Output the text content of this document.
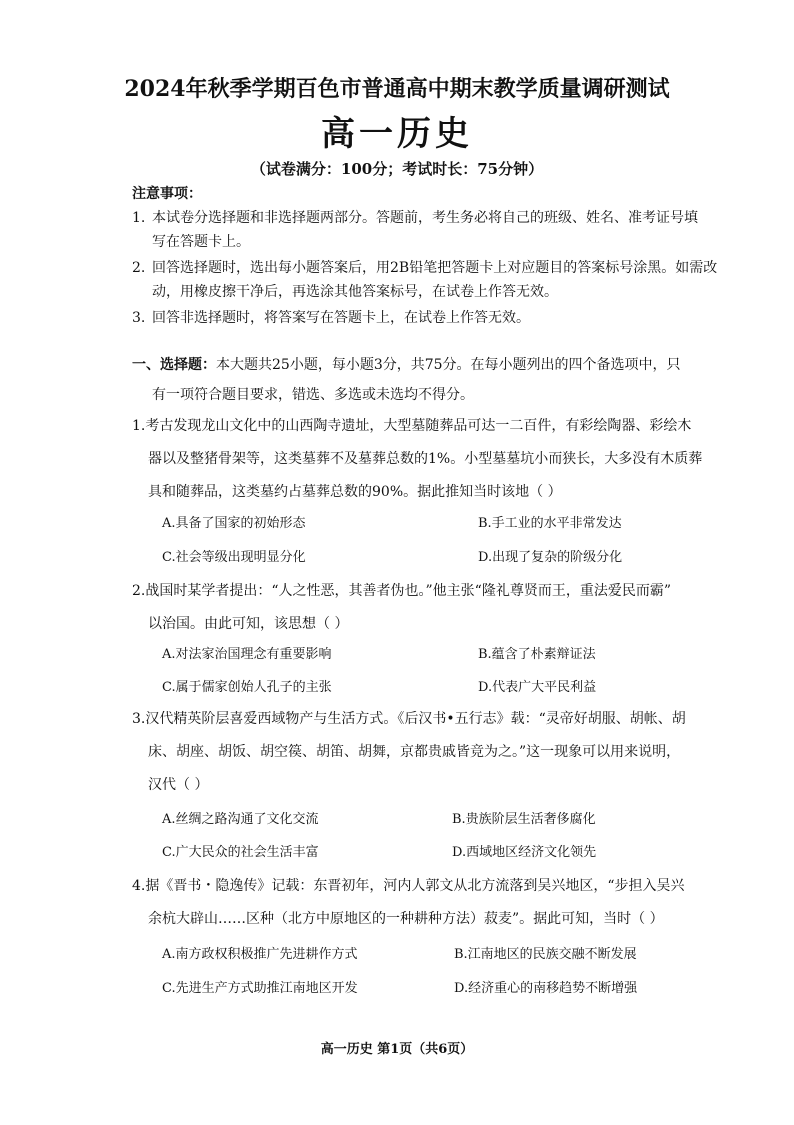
2024年秋季学期百色市普通高中期末教学质量调研测试
高一历史
（试卷满分：100分；考试时长：75分钟）
注意事项：
1. 本试卷分选择题和非选择题两部分。答题前，考生务必将自己的班级、姓名、准考证号填
写在答题卡上。
2. 回答选择题时，选出每小题答案后，用2B铅笔把答题卡上对应题目的答案标号涂黑。如需改
动，用橡皮擦干净后，再选涂其他答案标号，在试卷上作答无效。
3. 回答非选择题时，将答案写在答题卡上，在试卷上作答无效。
一、选择题：本大题共25小题，每小题3分，共75分。在每小题列出的四个备选项中，只
有一项符合题目要求，错选、多选或未选均不得分。
1.考古发现龙山文化中的山西陶寺遗址，大型墓随葬品可达一二百件，有彩绘陶器、彩绘木
器以及整猪骨架等，这类墓葬不及墓葬总数的1%。小型墓墓坑小而狭长，大多没有木质葬
具和随葬品，这类墓约占墓葬总数的90%。据此推知当时该地（ ）
A.具备了国家的初始形态	B.手工业的水平非常发达
C.社会等级出现明显分化	D.出现了复杂的阶级分化
2.战国时某学者提出：“人之性恶，其善者伪也。”他主张“隆礼尊贤而王，重法爱民而霸”
以治国。由此可知，该思想（ ）
A.对法家治国理念有重要影响	B.蕴含了朴素辩证法
C.属于儒家创始人孔子的主张	D.代表广大平民利益
3.汉代精英阶层喜爱西域物产与生活方式。《后汉书•五行志》载：“灵帝好胡服、胡帐、胡
床、胡座、胡饭、胡空篌、胡笛、胡舞，京都贵戚皆竞为之。”这一现象可以用来说明，
汉代（ ）
A.丝绸之路沟通了文化交流	B.贵族阶层生活奢侈腐化
C.广大民众的社会生活丰富	D.西域地区经济文化领先
4.据《晋书・隐逸传》记载：东晋初年，河内人郭文从北方流落到吴兴地区，“步担入吴兴
余杭大辟山……区种（北方中原地区的一种耕种方法）菽麦”。据此可知，当时（ ）
A.南方政权积极推广先进耕作方式	B.江南地区的民族交融不断发展
C.先进生产方式助推江南地区开发	D.经济重心的南移趋势不断增强
高一历史 第1页（共6页）
